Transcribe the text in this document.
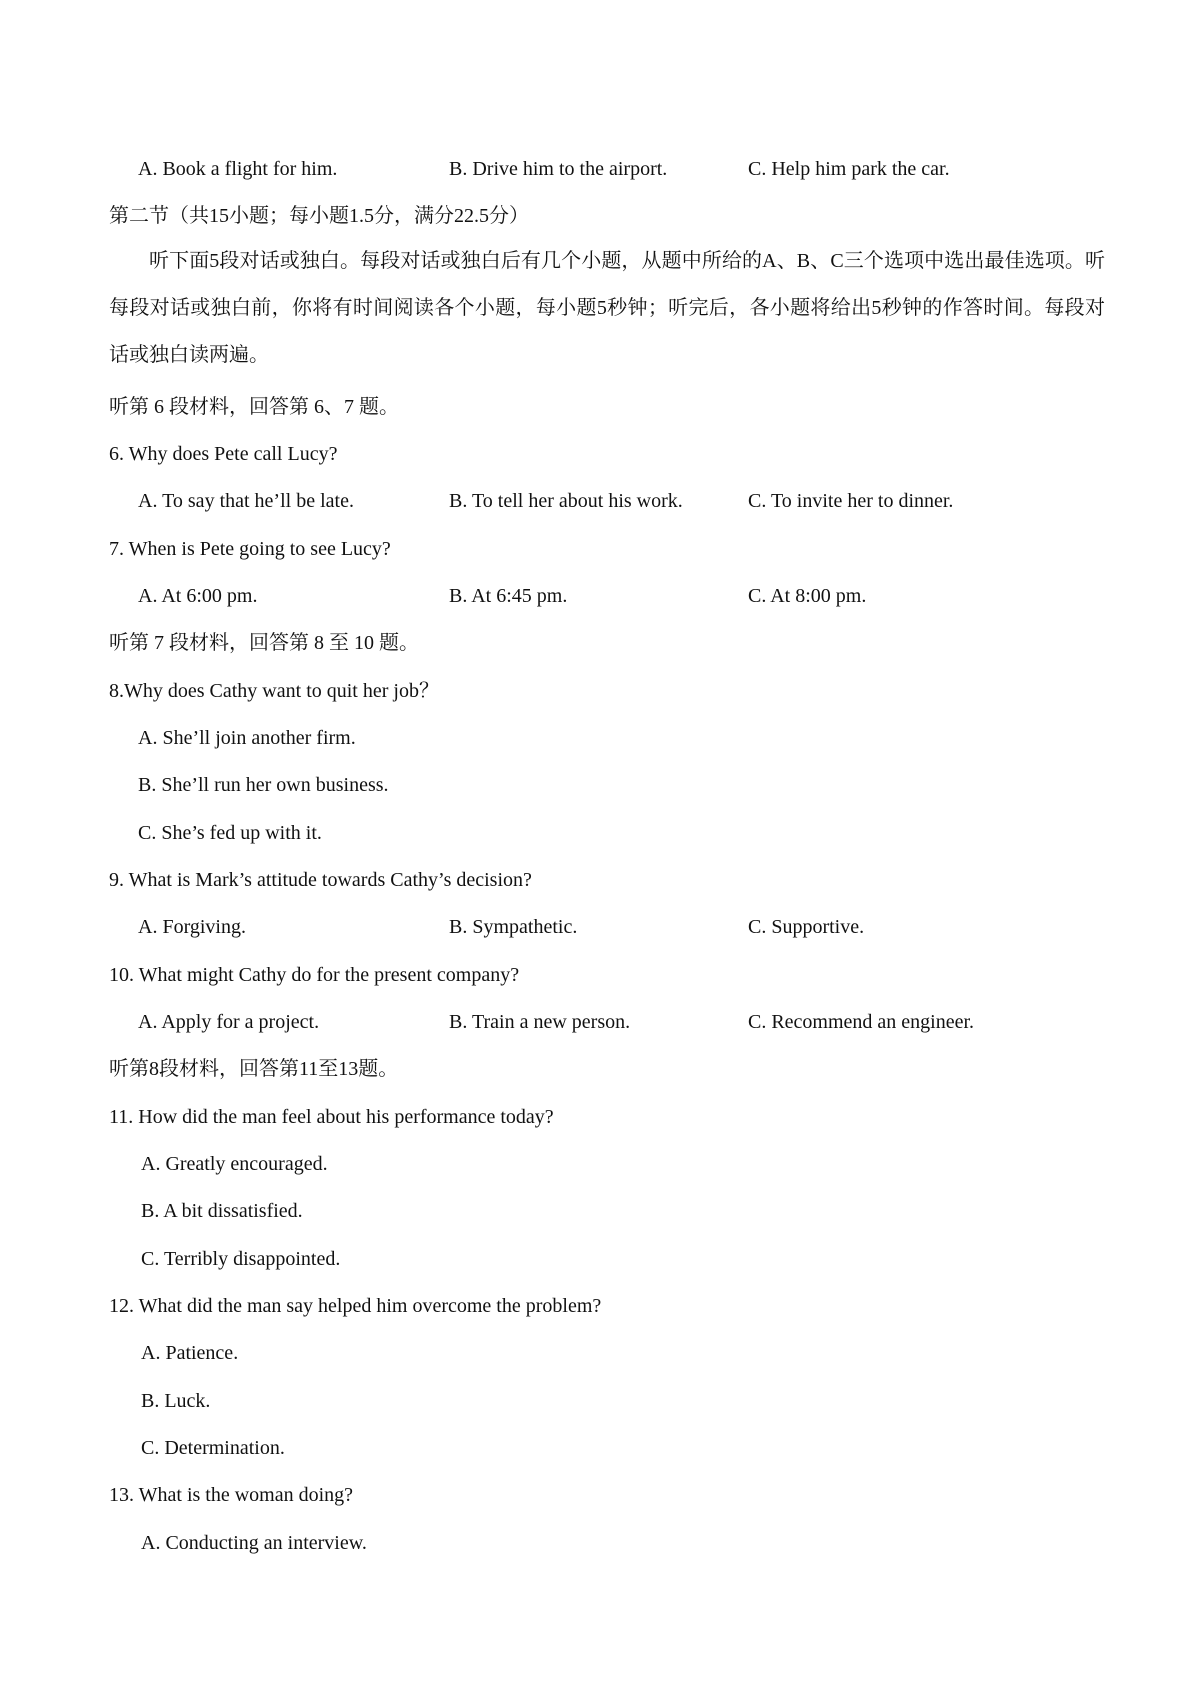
A. Book a flight for him.	B. Drive him to the airport.	C. Help him park the car.
第二节（共15小题；每小题1.5分，满分22.5分）
听下面5段对话或独白。每段对话或独白后有几个小题，从题中所给的A、B、C三个选项中选出最佳选项。听每段对话或独白前，你将有时间阅读各个小题，每小题5秒钟；听完后，各小题将给出5秒钟的作答时间。每段对话或独白读两遍。
听第 6 段材料，回答第 6、7 题。
6. Why does Pete call Lucy?
A. To say that he’ll be late.	B. To tell her about his work.	C. To invite her to dinner.
7. When is Pete going to see Lucy?
A. At 6:00 pm.	B. At 6:45 pm.	C. At 8:00 pm.
听第 7 段材料，回答第 8 至 10 题。
8.Why does Cathy want to quit her job？
A. She’ll join another firm.
B. She’ll run her own business.
C. She’s fed up with it.
9. What is Mark’s attitude towards Cathy’s decision?
A. Forgiving.	B. Sympathetic.	C. Supportive.
10. What might Cathy do for the present company?
A. Apply for a project.	B. Train a new person.	C. Recommend an engineer.
听第8段材料，回答第11至13题。
11. How did the man feel about his performance today?
A. Greatly encouraged.
B. A bit dissatisfied.
C. Terribly disappointed.
12. What did the man say helped him overcome the problem?
A. Patience.
B. Luck.
C. Determination.
13. What is the woman doing?
A. Conducting an interview.
